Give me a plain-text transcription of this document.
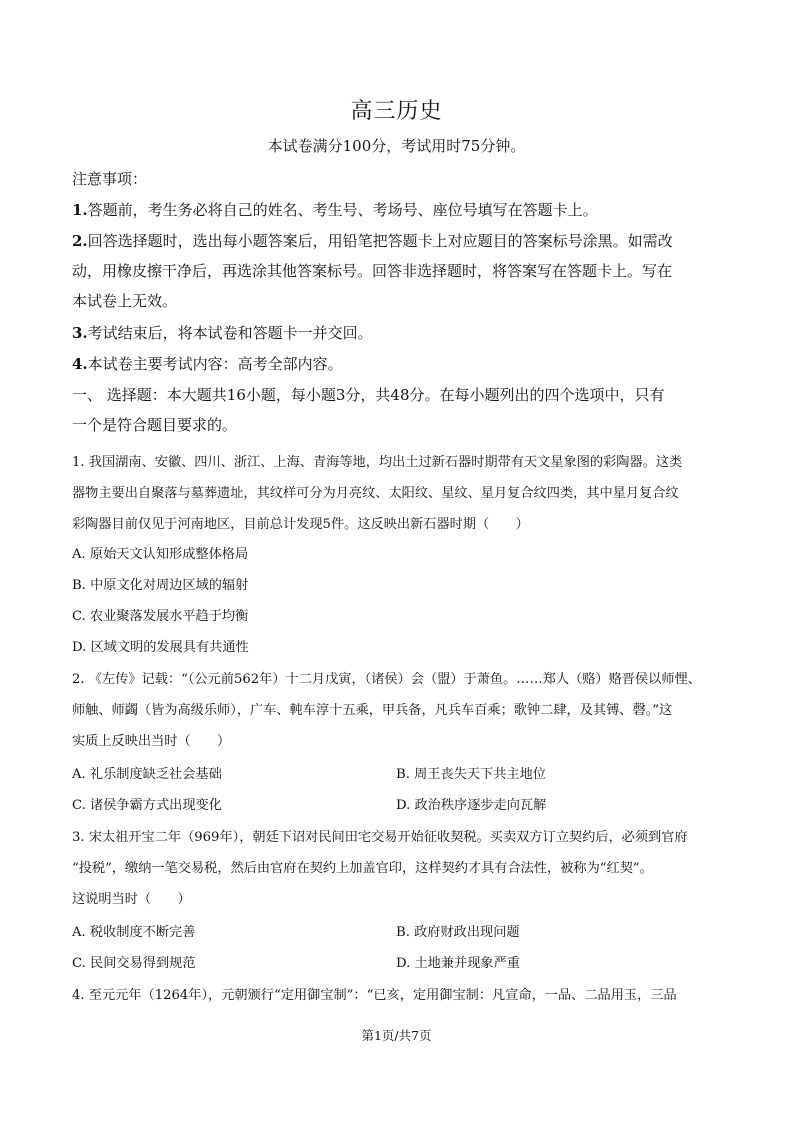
高三历史
本试卷满分100分，考试用时75分钟。
注意事项：
1.答题前，考生务必将自己的姓名、考生号、考场号、座位号填写在答题卡上。
2.回答选择题时，选出每小题答案后，用铅笔把答题卡上对应题目的答案标号涂黑。如需改
动，用橡皮擦干净后，再选涂其他答案标号。回答非选择题时，将答案写在答题卡上。写在
本试卷上无效。
3.考试结束后，将本试卷和答题卡一并交回。
4.本试卷主要考试内容：高考全部内容。
一、 选择题：本大题共16小题，每小题3分，共48分。在每小题列出的四个选项中，只有
一个是符合题目要求的。
1. 我国湖南、安徽、四川、浙江、上海、青海等地，均出土过新石器时期带有天文星象图的彩陶器。这类
器物主要出自聚落与墓葬遗址，其纹样可分为月亮纹、太阳纹、星纹、星月复合纹四类，其中星月复合纹
彩陶器目前仅见于河南地区，目前总计发现5件。这反映出新石器时期（　　）
A. 原始天文认知形成整体格局
B. 中原文化对周边区域的辐射
C. 农业聚落发展水平趋于均衡
D. 区域文明的发展具有共通性
2. 《左传》记载：“（公元前562年）十二月戊寅，（诸侯）会（盟）于萧鱼。……郑人（赂）赂晋侯以师悝、
师触、师蠲（皆为高级乐师），广车、軘车淳十五乘，甲兵备，凡兵车百乘；歌钟二肆，及其镈、磬。”这
实质上反映出当时（　　）
A. 礼乐制度缺乏社会基础	B. 周王丧失天下共主地位
C. 诸侯争霸方式出现变化	D. 政治秩序逐步走向瓦解
3. 宋太祖开宝二年（969年），朝廷下诏对民间田宅交易开始征收契税。买卖双方订立契约后，必须到官府
“投税”，缴纳一笔交易税，然后由官府在契约上加盖官印，这样契约才具有合法性，被称为“红契”。
这说明当时（　　）
A. 税收制度不断完善	B. 政府财政出现问题
C. 民间交易得到规范	D. 土地兼并现象严重
4. 至元元年（1264年），元朝颁行“定用御宝制”：“已亥，定用御宝制：凡宣命，一品、二品用玉，三品
第1页/共7页
